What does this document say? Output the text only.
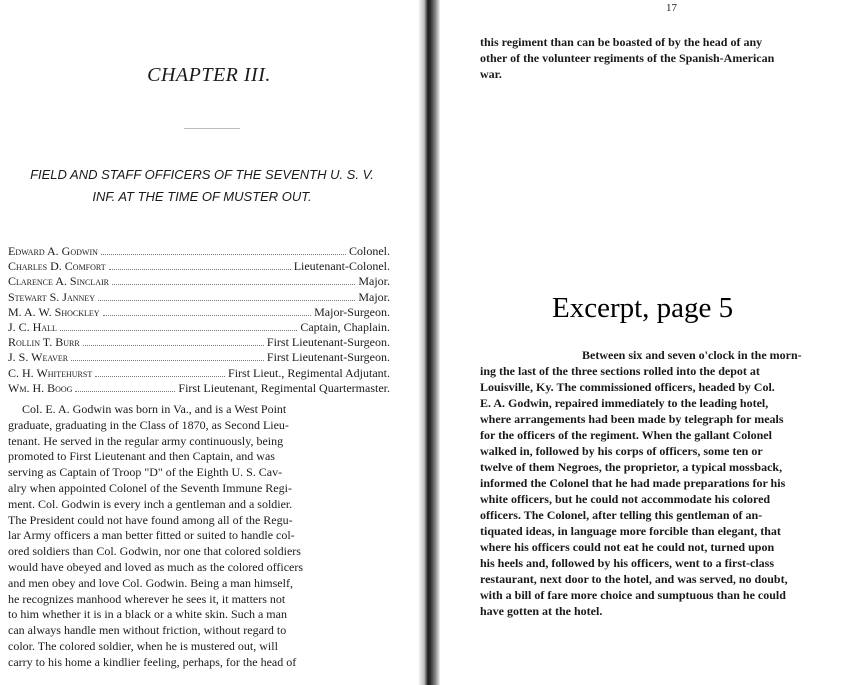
CHAPTER III.
FIELD AND STAFF OFFICERS OF THE SEVENTH U. S. V.
INF. AT THE TIME OF MUSTER OUT.
Edward A. Godwin	Colonel.
Charles D. Comfort	Lieutenant-Colonel.
Clarence A. Sinclair	Major.
Stewart S. Janney	Major.
M. A. W. Shockley	Major-Surgeon.
J. C. Hall	Captain, Chaplain.
Rollin T. Burr	First Lieutenant-Surgeon.
J. S. Weaver	First Lieutenant-Surgeon.
C. H. Whitehurst	First Lieut., Regimental Adjutant.
Wm. H. Boog	First Lieutenant, Regimental Quartermaster.
Col. E. A. Godwin was born in Va., and is a West Point
graduate, graduating in the Class of 1870, as Second Lieu-
tenant. He served in the regular army continuously, being
promoted to First Lieutenant and then Captain, and was
serving as Captain of Troop "D" of the Eighth U. S. Cav-
alry when appointed Colonel of the Seventh Immune Regi-
ment. Col. Godwin is every inch a gentleman and a soldier.
The President could not have found among all of the Regu-
lar Army officers a man better fitted or suited to handle col-
ored soldiers than Col. Godwin, nor one that colored soldiers
would have obeyed and loved as much as the colored officers
and men obey and love Col. Godwin. Being a man himself,
he recognizes manhood wherever he sees it, it matters not
to him whether it is in a black or a white skin. Such a man
can always handle men without friction, without regard to
color. The colored soldier, when he is mustered out, will
carry to his home a kindlier feeling, perhaps, for the head of
17
this regiment than can be boasted of by the head of any
other of the volunteer regiments of the Spanish-American
war.
Excerpt, page 5
Between six and seven o'clock in the morn-
ing the last of the three sections rolled into the depot at
Louisville, Ky. The commissioned officers, headed by Col.
E. A. Godwin, repaired immediately to the leading hotel,
where arrangements had been made by telegraph for meals
for the officers of the regiment. When the gallant Colonel
walked in, followed by his corps of officers, some ten or
twelve of them Negroes, the proprietor, a typical mossback,
informed the Colonel that he had made preparations for his
white officers, but he could not accommodate his colored
officers. The Colonel, after telling this gentleman of an-
tiquated ideas, in language more forcible than elegant, that
where his officers could not eat he could not, turned upon
his heels and, followed by his officers, went to a first-class
restaurant, next door to the hotel, and was served, no doubt,
with a bill of fare more choice and sumptuous than he could
have gotten at the hotel.
